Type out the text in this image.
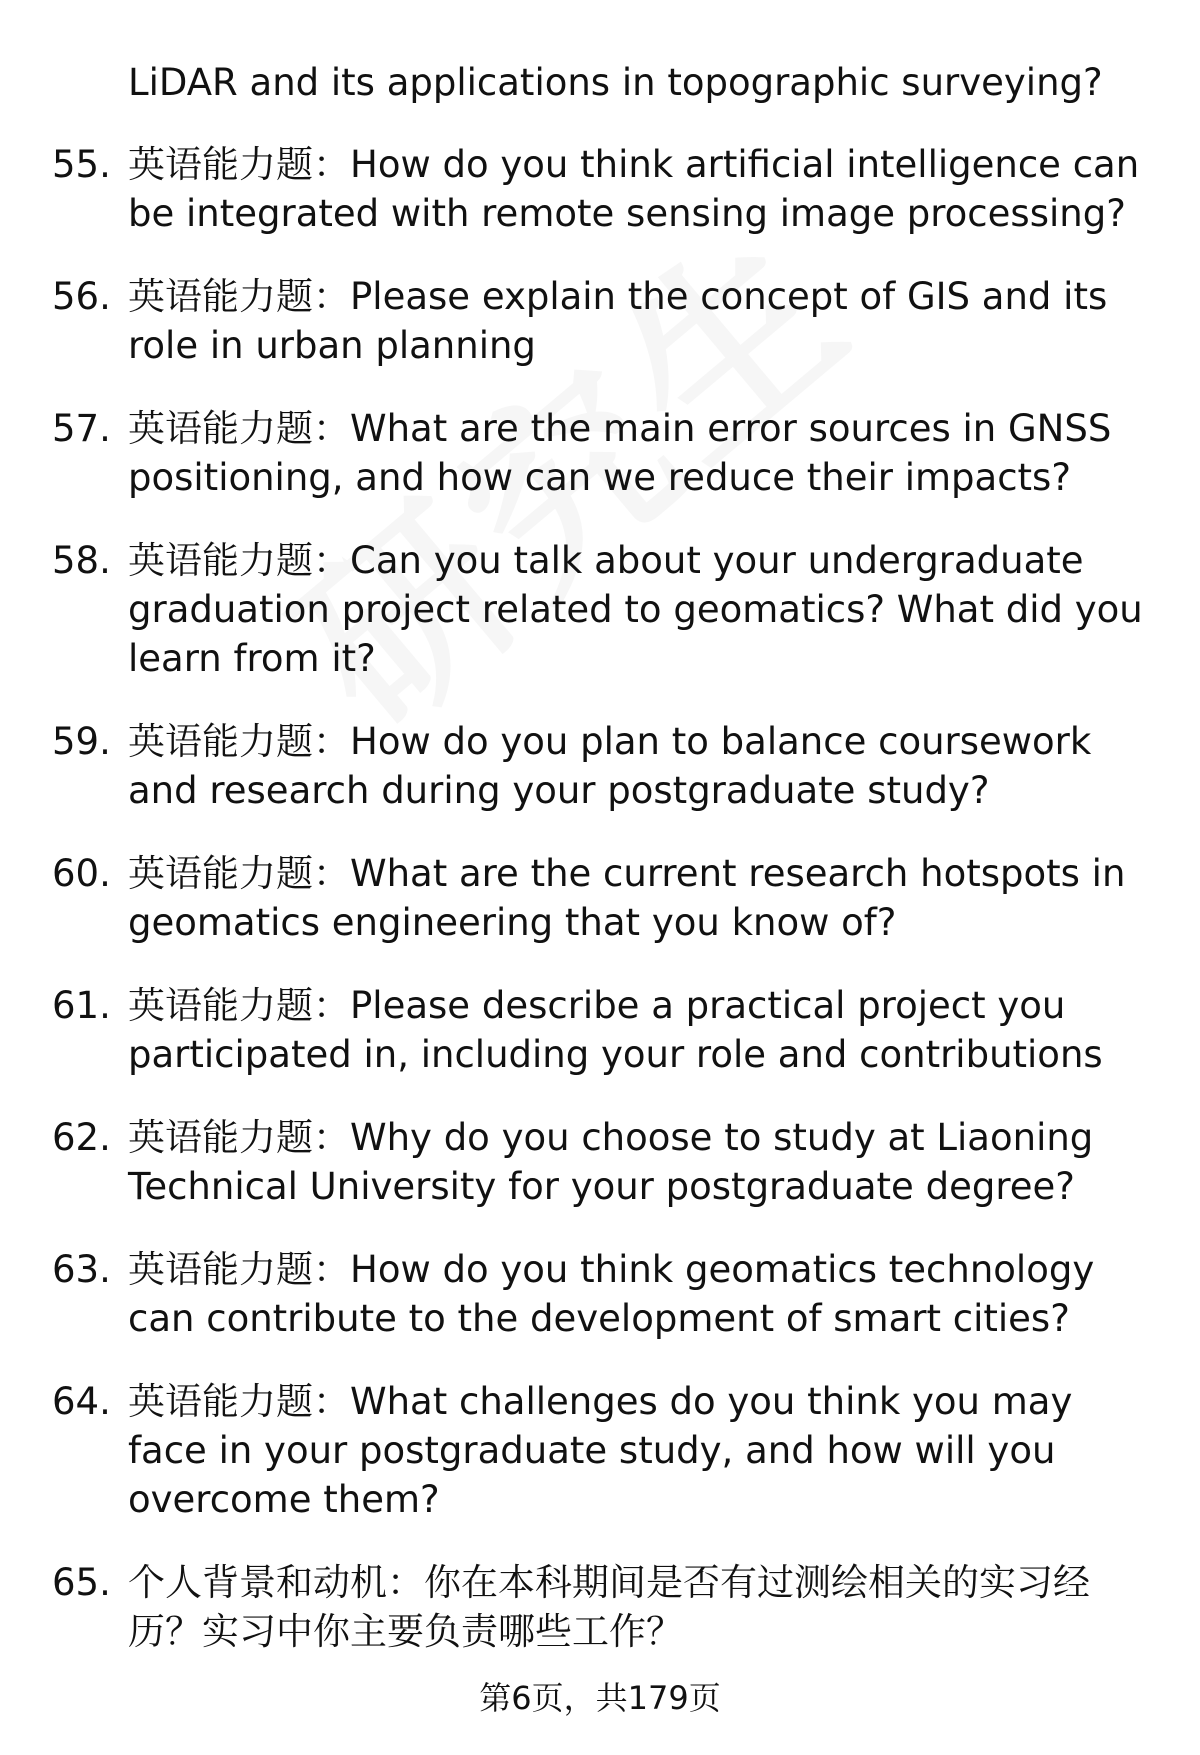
LiDAR and its applications in topographic surveying?

55. 英语能力题：How do you think artificial intelligence can be integrated with remote sensing image processing?
56. 英语能力题：Please explain the concept of GIS and its role in urban planning
57. 英语能力题：What are the main error sources in GNSS positioning, and how can we reduce their impacts?
58. 英语能力题：Can you talk about your undergraduate graduation project related to geomatics? What did you learn from it?
59. 英语能力题：How do you plan to balance coursework and research during your postgraduate study?
60. 英语能力题：What are the current research hotspots in geomatics engineering that you know of?
61. 英语能力题：Please describe a practical project you participated in, including your role and contributions
62. 英语能力题：Why do you choose to study at Liaoning Technical University for your postgraduate degree?
63. 英语能力题：How do you think geomatics technology can contribute to the development of smart cities?
64. 英语能力题：What challenges do you think you may face in your postgraduate study, and how will you overcome them?
65. 个人背景和动机：你在本科期间是否有过测绘相关的实习经历？实习中你主要负责哪些工作？
第6页，共179页
